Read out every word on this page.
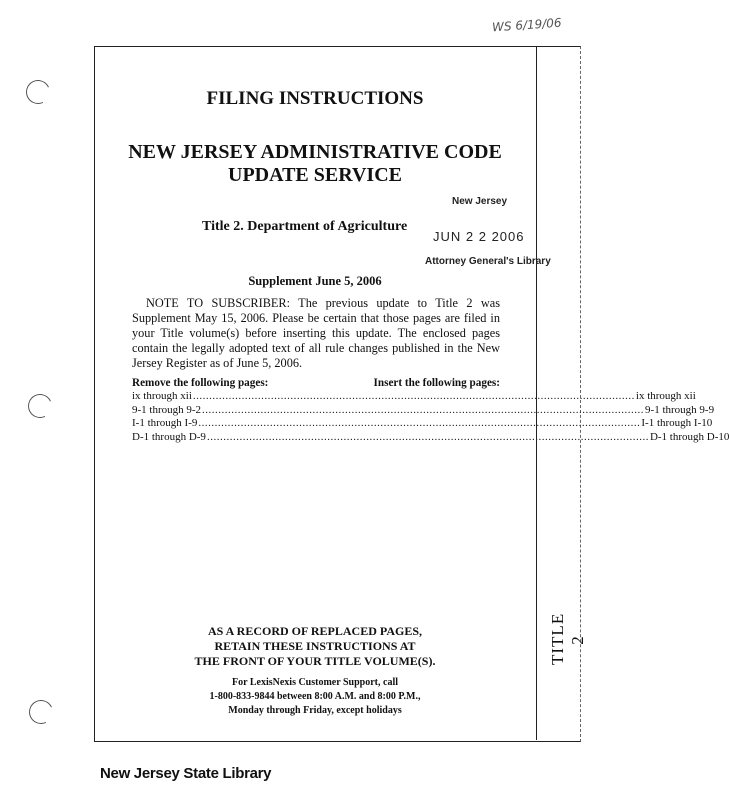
WS 6/19/06
TITLE 2
FILING INSTRUCTIONS
NEW JERSEY ADMINISTRATIVE CODE
UPDATE SERVICE
New Jersey
JUN 2 2 2006
Attorney General's Library
Title 2. Department of Agriculture
Supplement June 5, 2006
NOTE TO SUBSCRIBER: The previous update to Title 2 was Supplement May 15, 2006. Please be certain that those pages are filed in your Title volume(s) before inserting this update. The enclosed pages contain the legally adopted text of all rule changes published in the New Jersey Register as of June 5, 2006.
Remove the following pages:	Insert the following pages:
ix through xii ........................................................................................................................................ ix through xii
9-1 through 9-2 ........................................................................................................................................ 9-1 through 9-9
I-1 through I-9 ........................................................................................................................................ I-1 through I-10
D-1 through D-9 ........................................................................................................................................ D-1 through D-10
AS A RECORD OF REPLACED PAGES,
RETAIN THESE INSTRUCTIONS AT
THE FRONT OF YOUR TITLE VOLUME(S).
For LexisNexis Customer Support, call
1-800-833-9844 between 8:00 A.M. and 8:00 P.M.,
Monday through Friday, except holidays
New Jersey State Library
